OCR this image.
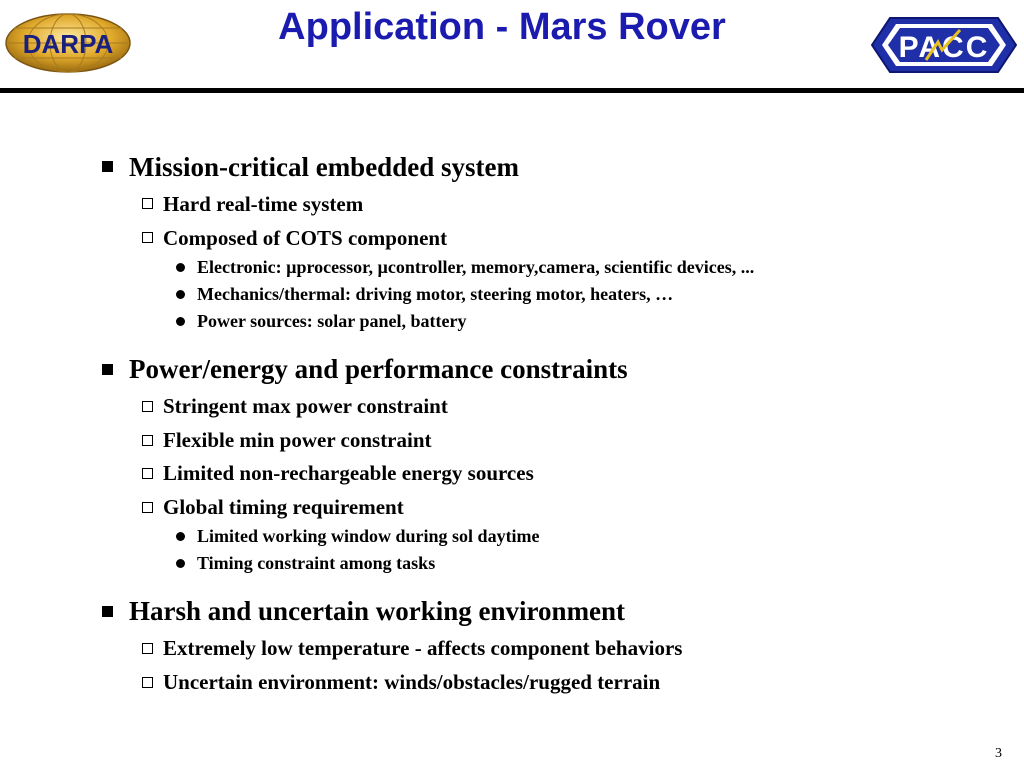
Application - Mars Rover
DARPA	PACC
Mission-critical embedded system
Hard real-time system
Composed of COTS component
Electronic: µprocessor, µcontroller, memory,camera, scientific devices, ...
Mechanics/thermal: driving motor, steering motor, heaters, …
Power sources: solar panel, battery
Power/energy and performance constraints
Stringent max power constraint
Flexible min power constraint
Limited non-rechargeable energy sources
Global timing requirement
Limited working window during sol daytime
Timing constraint among tasks
Harsh and uncertain working environment
Extremely low temperature - affects component behaviors
Uncertain environment: winds/obstacles/rugged terrain
3
